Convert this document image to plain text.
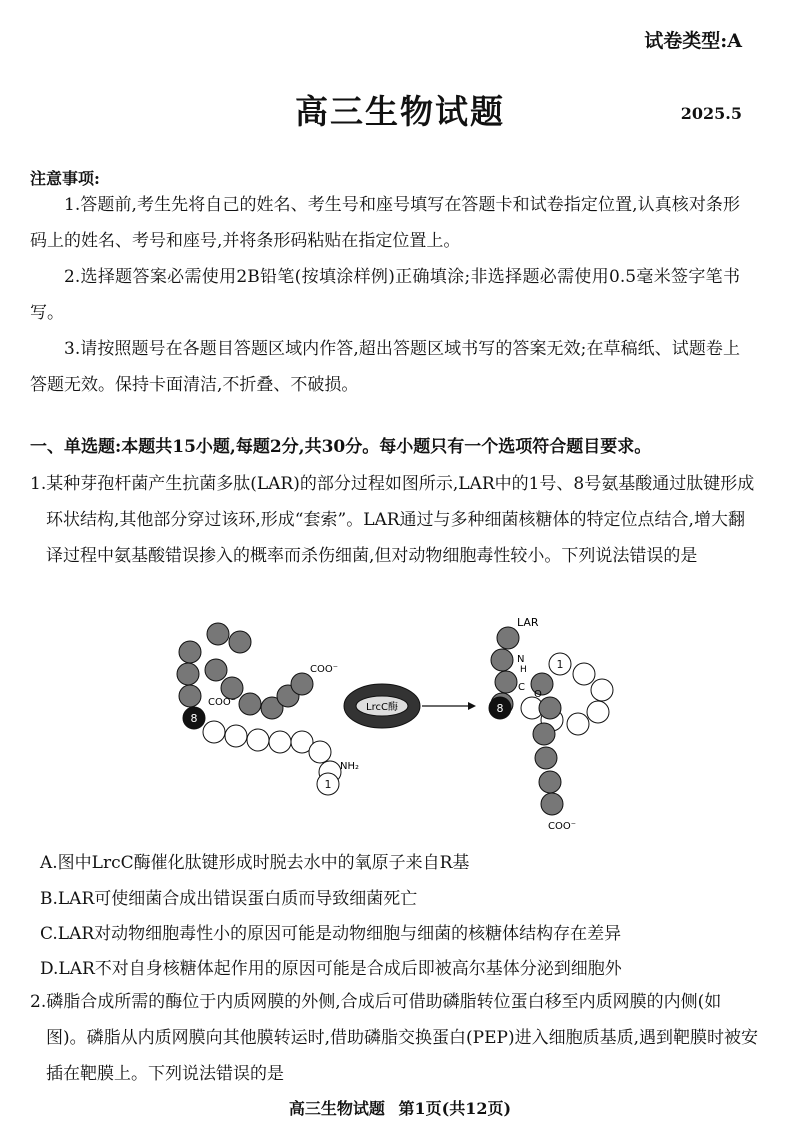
试卷类型:A
高三生物试题	2025.5
注意事项:
1.答题前,考生先将自己的姓名、考生号和座号填写在答题卡和试卷指定位置,认真核对条形码上的姓名、考号和座号,并将条形码粘贴在指定位置上。
2.选择题答案必需使用2B铅笔(按填涂样例)正确填涂;非选择题必需使用0.5毫米签字笔书写。
3.请按照题号在各题目答题区域内作答,超出答题区域书写的答案无效;在草稿纸、试题卷上答题无效。保持卡面清洁,不折叠、不破损。
一、单选题:本题共15小题,每题2分,共30分。每小题只有一个选项符合题目要求。
1.某种芽孢杆菌产生抗菌多肽(LAR)的部分过程如图所示,LAR中的1号、8号氨基酸通过肽键形成环状结构,其他部分穿过该环,形成“套索”。LAR通过与多种细菌核糖体的特定位点结合,增大翻译过程中氨基酸错误掺入的概率而杀伤细菌,但对动物细胞毒性较小。下列说法错误的是
8
1
8
1
COO⁻
COO⁻
NH₂
LrcC酶
LAR
N
H
C
O
COO⁻
A.图中LrcC酶催化肽键形成时脱去水中的氧原子来自R基
B.LAR可使细菌合成出错误蛋白质而导致细菌死亡
C.LAR对动物细胞毒性小的原因可能是动物细胞与细菌的核糖体结构存在差异
D.LAR不对自身核糖体起作用的原因可能是合成后即被高尔基体分泌到细胞外
2.磷脂合成所需的酶位于内质网膜的外侧,合成后可借助磷脂转位蛋白移至内质网膜的内侧(如图)。磷脂从内质网膜向其他膜转运时,借助磷脂交换蛋白(PEP)进入细胞质基质,遇到靶膜时被安插在靶膜上。下列说法错误的是
高三生物试题 第1页(共12页)
